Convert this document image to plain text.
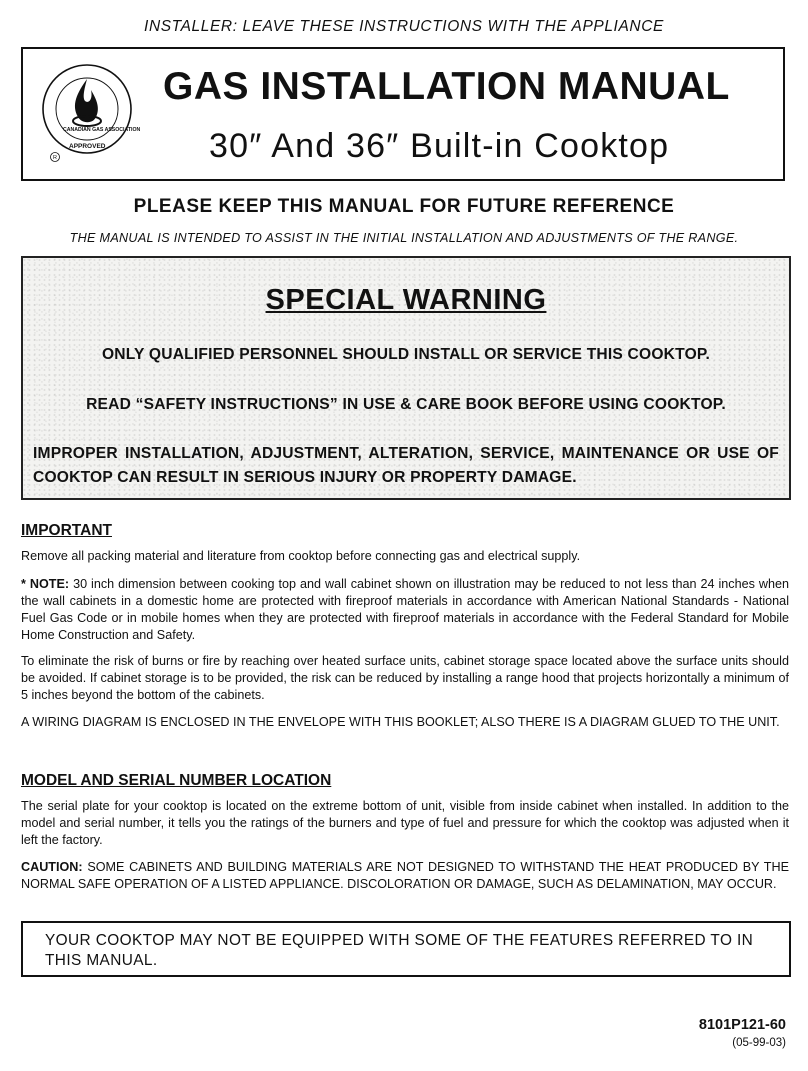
INSTALLER: LEAVE THESE INSTRUCTIONS WITH THE APPLIANCE
CANADIAN GAS ASSOCIATION
APPROVED
R
GAS INSTALLATION MANUAL
30″ And 36″ Built-in Cooktop
PLEASE KEEP THIS MANUAL FOR FUTURE REFERENCE
THE MANUAL IS INTENDED TO ASSIST IN THE INITIAL INSTALLATION AND ADJUSTMENTS OF THE RANGE.
SPECIAL WARNING
ONLY QUALIFIED PERSONNEL SHOULD INSTALL OR SERVICE THIS COOKTOP.
READ “SAFETY INSTRUCTIONS” IN USE & CARE BOOK BEFORE USING COOKTOP.
IMPROPER INSTALLATION, ADJUSTMENT, ALTERATION, SERVICE, MAINTENANCE OR USE OF COOKTOP CAN RESULT IN SERIOUS INJURY OR PROPERTY DAMAGE.
IMPORTANT
Remove all packing material and literature from cooktop before connecting gas and electrical supply.
* NOTE: 30 inch dimension between cooking top and wall cabinet shown on illustration may be reduced to not less than 24 inches when the wall cabinets in a domestic home are protected with fireproof materials in accordance with American National Standards - National Fuel Gas Code or in mobile homes when they are protected with fireproof materials in accordance with the Federal Standard for Mobile Home Construction and Safety.
To eliminate the risk of burns or fire by reaching over heated surface units, cabinet storage space located above the surface units should be avoided. If cabinet storage is to be provided, the risk can be reduced by installing a range hood that projects horizontally a minimum of 5 inches beyond the bottom of the cabinets.
A WIRING DIAGRAM IS ENCLOSED IN THE ENVELOPE WITH THIS BOOKLET; ALSO THERE IS A DIAGRAM GLUED TO THE UNIT.
MODEL AND SERIAL NUMBER LOCATION
The serial plate for your cooktop is located on the extreme bottom of unit, visible from inside cabinet when installed. In addition to the model and serial number, it tells you the ratings of the burners and type of fuel and pressure for which the cooktop was adjusted when it left the factory.
CAUTION: SOME CABINETS AND BUILDING MATERIALS ARE NOT DESIGNED TO WITHSTAND THE HEAT PRODUCED BY THE NORMAL SAFE OPERATION OF A LISTED APPLIANCE. DISCOLORATION OR DAMAGE, SUCH AS DELAMINATION, MAY OCCUR.
YOUR COOKTOP MAY NOT BE EQUIPPED WITH SOME OF THE FEATURES REFERRED TO IN THIS MANUAL.
8101P121-60
(05-99-03)
